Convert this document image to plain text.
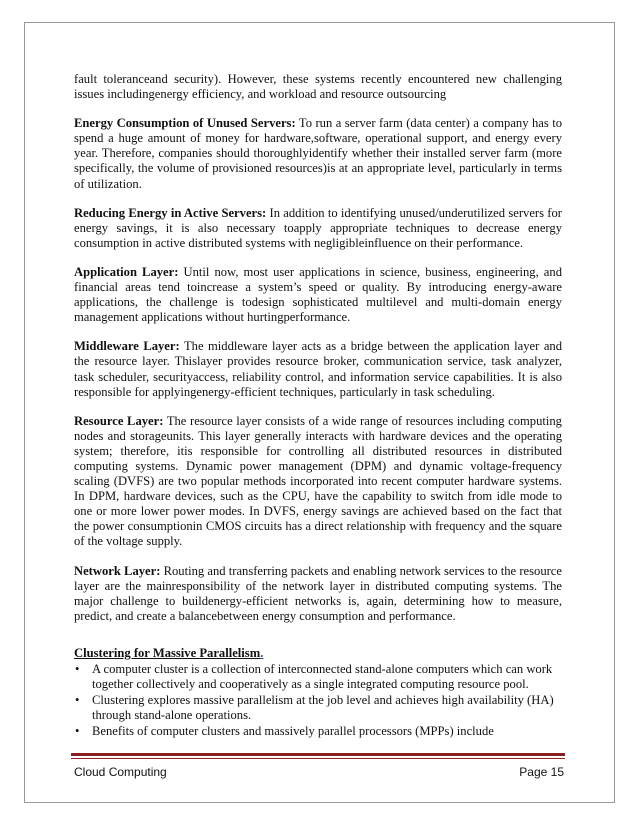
fault toleranceand security). However, these systems recently encountered new challenging issues includingenergy efficiency, and workload and resource outsourcing

Energy Consumption of Unused Servers: To run a server farm (data center) a company has to spend a huge amount of money for hardware,software, operational support, and energy every year. Therefore, companies should thoroughlyidentify whether their installed server farm (more specifically, the volume of provisioned resources)is at an appropriate level, particularly in terms of utilization.

Reducing Energy in Active Servers: In addition to identifying unused/underutilized servers for energy savings, it is also necessary toapply appropriate techniques to decrease energy consumption in active distributed systems with negligibleinfluence on their performance.

Application Layer: Until now, most user applications in science, business, engineering, and financial areas tend toincrease a system’s speed or quality. By introducing energy-aware applications, the challenge is todesign sophisticated multilevel and multi-domain energy management applications without hurtingperformance.

Middleware Layer: The middleware layer acts as a bridge between the application layer and the resource layer. Thislayer provides resource broker, communication service, task analyzer, task scheduler, securityaccess, reliability control, and information service capabilities. It is also responsible for applyingenergy-efficient techniques, particularly in task scheduling.

Resource Layer: The resource layer consists of a wide range of resources including computing nodes and storageunits. This layer generally interacts with hardware devices and the operating system; therefore, itis responsible for controlling all distributed resources in distributed computing systems. Dynamic power management (DPM) and dynamic voltage-frequency scaling (DVFS) are two popular methods incorporated into recent computer hardware systems. In DPM, hardware devices, such as the CPU, have the capability to switch from idle mode to one or more lower power modes. In DVFS, energy savings are achieved based on the fact that the power consumptionin CMOS circuits has a direct relationship with frequency and the square of the voltage supply.

Network Layer: Routing and transferring packets and enabling network services to the resource layer are the mainresponsibility of the network layer in distributed computing systems. The major challenge to buildenergy-efficient networks is, again, determining how to measure, predict, and create a balancebetween energy consumption and performance.

Clustering for Massive Parallelism.
• A computer cluster is a collection of interconnected stand-alone computers which can work together collectively and cooperatively as a single integrated computing resource pool.
• Clustering explores massive parallelism at the job level and achieves high availability (HA) through stand-alone operations.
• Benefits of computer clusters and massively parallel processors (MPPs) include
Cloud Computing	Page 15
